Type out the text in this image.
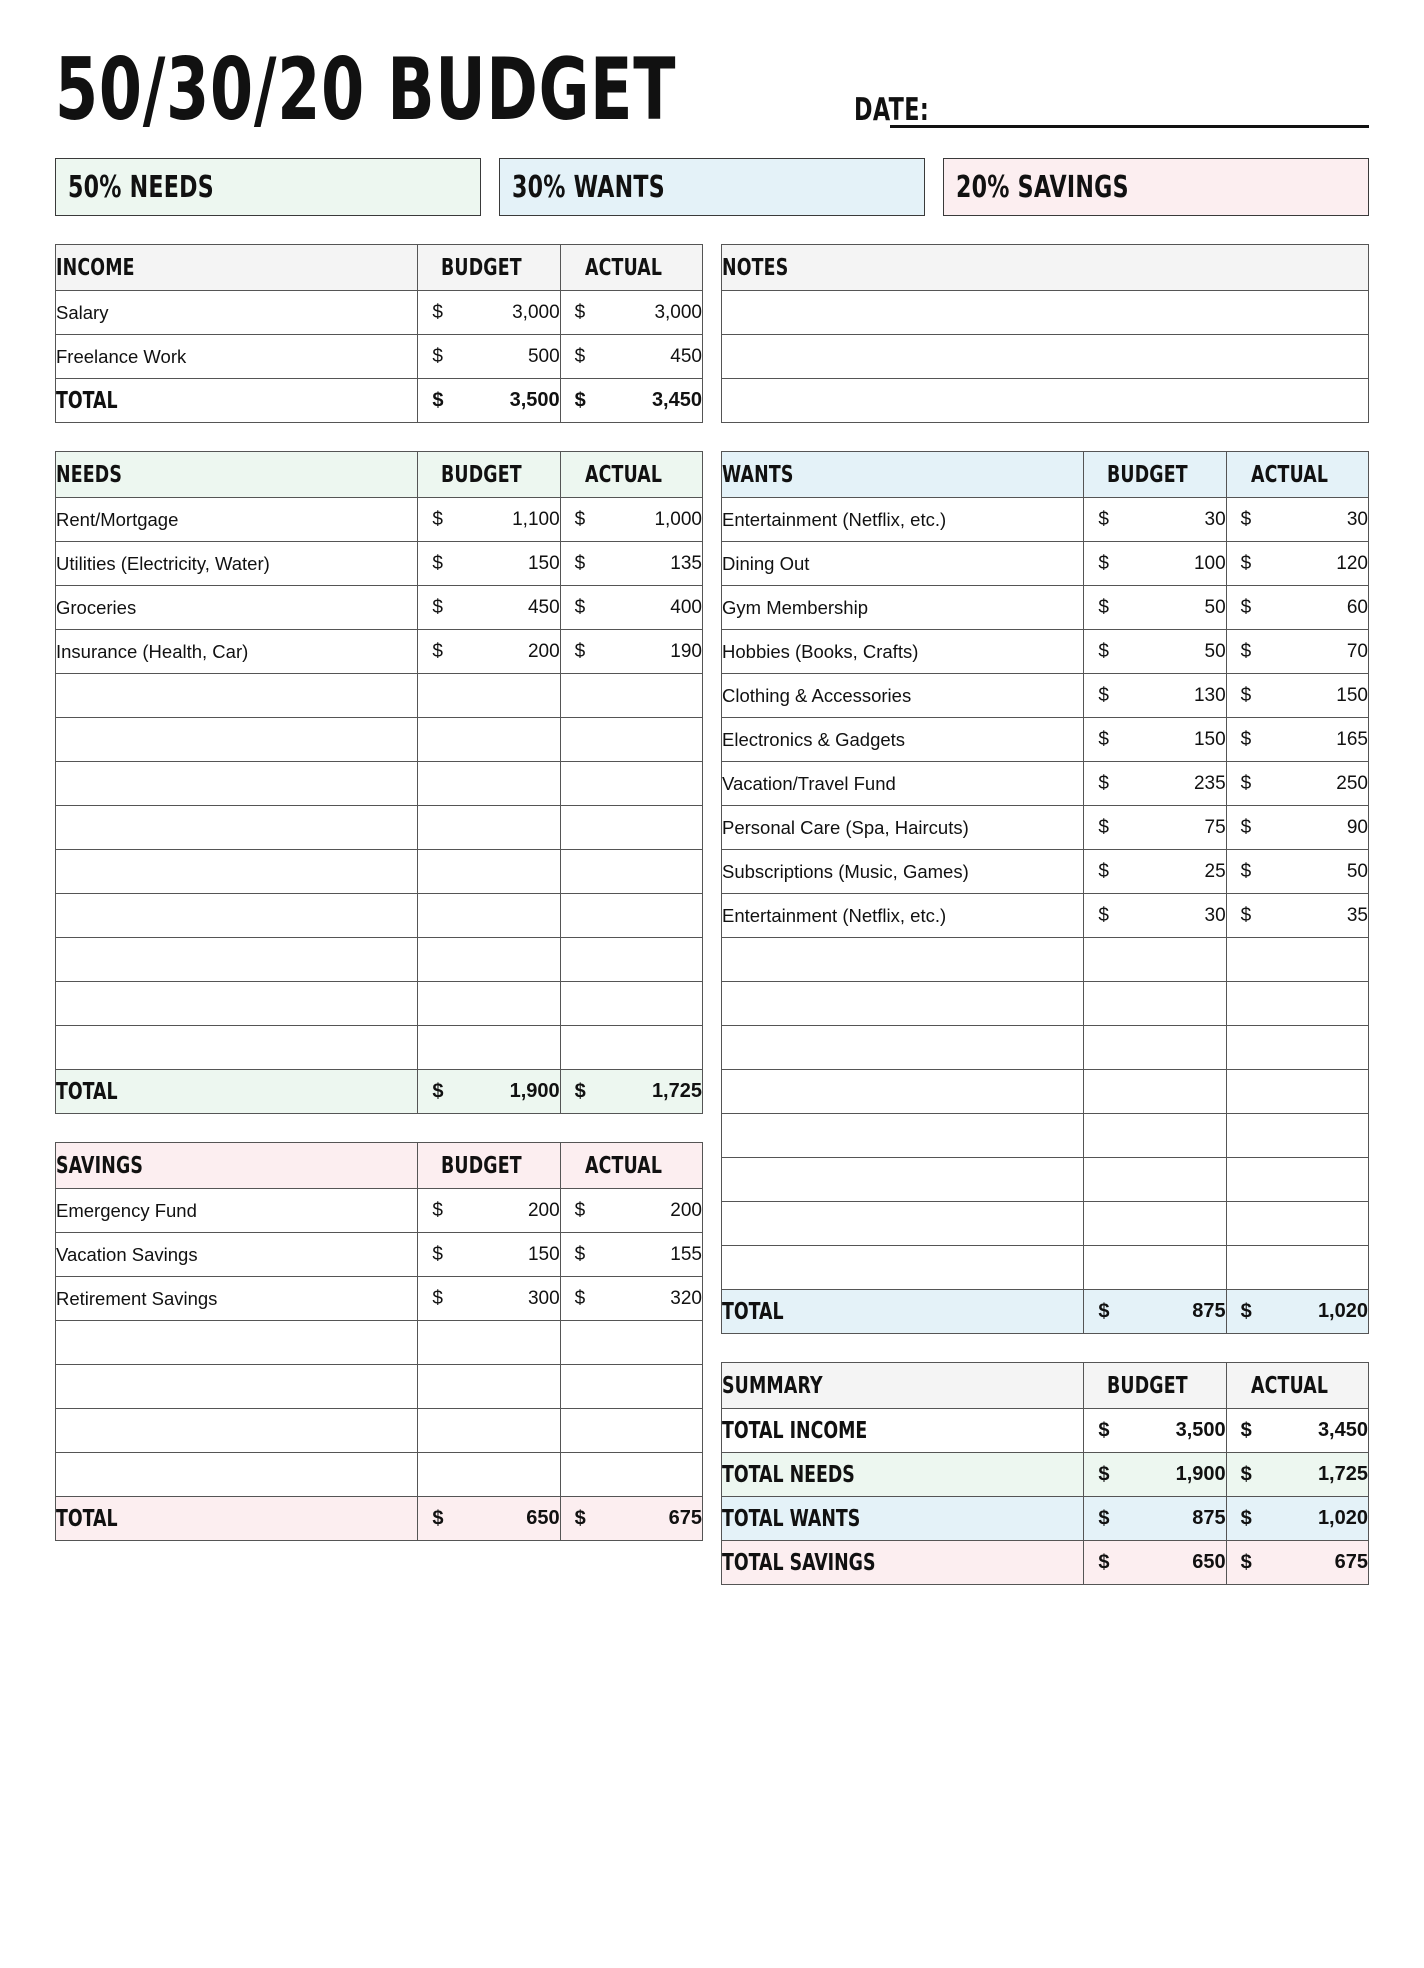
50/30/20 BUDGET	DATE:
50% NEEDS	30% WANTS	20% SAVINGS
INCOME	BUDGET	ACTUAL
Salary	$ 3,000	$ 3,000
Freelance Work	$ 500	$ 450
TOTAL	$ 3,500	$ 3,450
NEEDS	BUDGET	ACTUAL
Rent/Mortgage	$ 1,100	$ 1,000
Utilities (Electricity, Water)	$ 150	$ 135
Groceries	$ 450	$ 400
Insurance (Health, Car)	$ 200	$ 190

TOTAL	$ 1,900	$ 1,725
SAVINGS	BUDGET	ACTUAL
Emergency Fund	$ 200	$ 200
Vacation Savings	$ 150	$ 155
Retirement Savings	$ 300	$ 320

TOTAL	$ 650	$ 675
NOTES

WANTS	BUDGET	ACTUAL
Entertainment (Netflix, etc.)	$ 30	$ 30
Dining Out	$ 100	$ 120
Gym Membership	$ 50	$ 60
Hobbies (Books, Crafts)	$ 50	$ 70
Clothing & Accessories	$ 130	$ 150
Electronics & Gadgets	$ 150	$ 165
Vacation/Travel Fund	$ 235	$ 250
Personal Care (Spa, Haircuts)	$ 75	$ 90
Subscriptions (Music, Games)	$ 25	$ 50
Entertainment (Netflix, etc.)	$ 30	$ 35

TOTAL	$ 875	$ 1,020
SUMMARY	BUDGET	ACTUAL
TOTAL INCOME	$ 3,500	$ 3,450
TOTAL NEEDS	$ 1,900	$ 1,725
TOTAL WANTS	$ 875	$ 1,020
TOTAL SAVINGS	$ 650	$ 675
